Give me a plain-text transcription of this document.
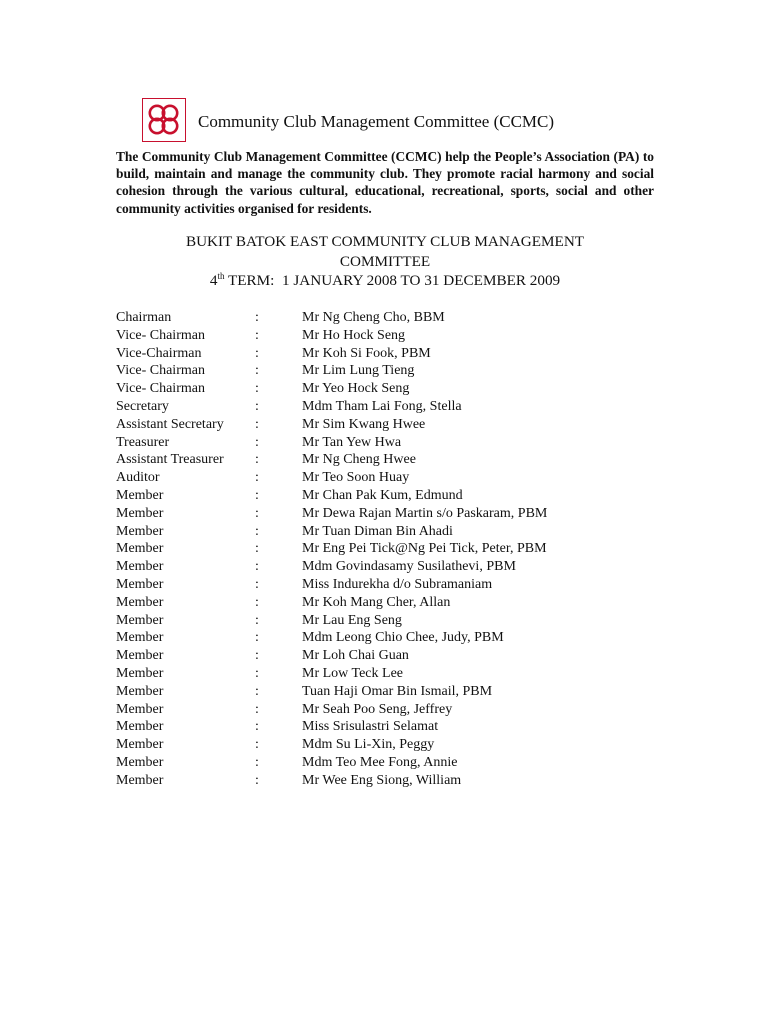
Community Club Management Committee (CCMC)
The Community Club Management Committee (CCMC) help the People’s Association (PA) to build, maintain and manage the community club. They promote racial harmony and social cohesion through the various cultural, educational, recreational, sports, social and other community activities organised for residents.
BUKIT BATOK EAST COMMUNITY CLUB MANAGEMENT
COMMITTEE
4th TERM:  1 JANUARY 2008 TO 31 DECEMBER 2009
Chairman	:	Mr Ng Cheng Cho, BBM
Vice- Chairman	:	Mr Ho Hock Seng
Vice-Chairman	:	Mr Koh Si Fook, PBM
Vice- Chairman	:	Mr Lim Lung Tieng
Vice- Chairman	:	Mr Yeo Hock Seng
Secretary	:	Mdm Tham Lai Fong, Stella
Assistant Secretary :	Mr Sim Kwang Hwee
Treasurer	:	Mr Tan Yew Hwa
Assistant Treasurer :	Mr Ng Cheng Hwee
Auditor	:	Mr Teo Soon Huay
Member	:	Mr Chan Pak Kum, Edmund
Member	:	Mr Dewa Rajan Martin s/o Paskaram, PBM
Member	:	Mr Tuan Diman Bin Ahadi
Member	:	Mr Eng Pei Tick@Ng Pei Tick, Peter, PBM
Member	:	Mdm Govindasamy Susilathevi, PBM
Member	:	Miss Indurekha d/o Subramaniam
Member	:	Mr Koh Mang Cher, Allan
Member	:	Mr Lau Eng Seng
Member	:	Mdm Leong Chio Chee, Judy, PBM
Member	:	Mr Loh Chai Guan
Member	:	Mr Low Teck Lee
Member	:	Tuan Haji Omar Bin Ismail, PBM
Member	:	Mr Seah Poo Seng, Jeffrey
Member	:	Miss Srisulastri Selamat
Member	:	Mdm Su Li-Xin, Peggy
Member	:	Mdm Teo Mee Fong, Annie
Member	:	Mr Wee Eng Siong, William
